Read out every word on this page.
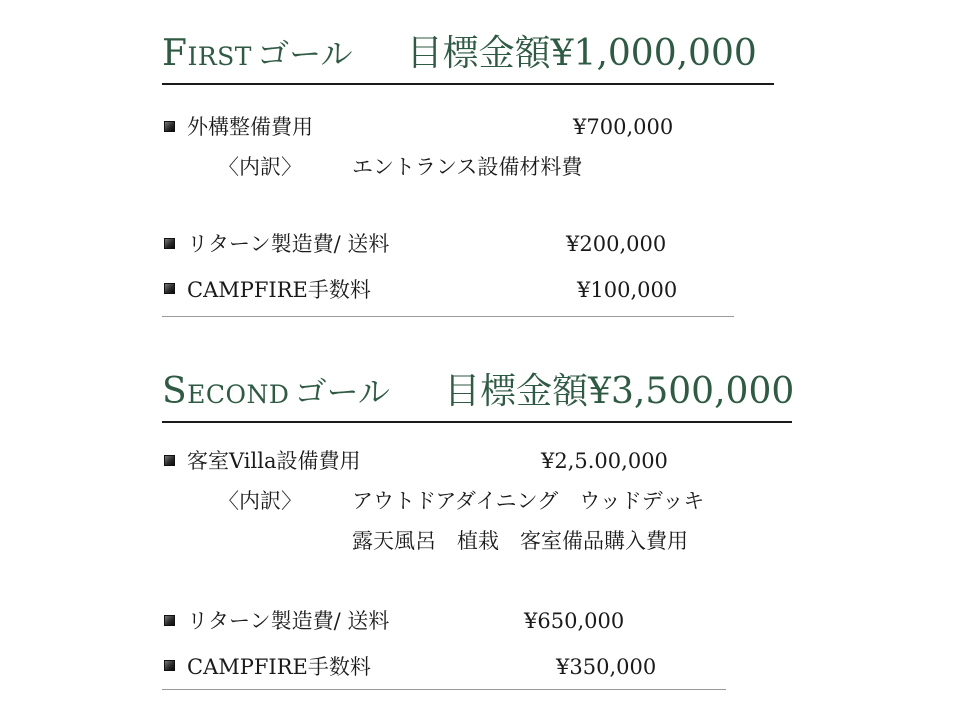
First ゴール 目標金額¥1,000,000
外構整備費用	¥700,000
〈内訳〉 エントランス設備材料費
リターン製造費/ 送料	¥200,000
CAMPFIRE手数料	¥100,000
Second ゴール 目標金額¥3,500,000
客室Villa設備費用	¥2,5.00,000
〈内訳〉 アウトドアダイニング　ウッドデッキ
露天風呂　植栽　客室備品購入費用
リターン製造費/ 送料	¥650,000
CAMPFIRE手数料	¥350,000
